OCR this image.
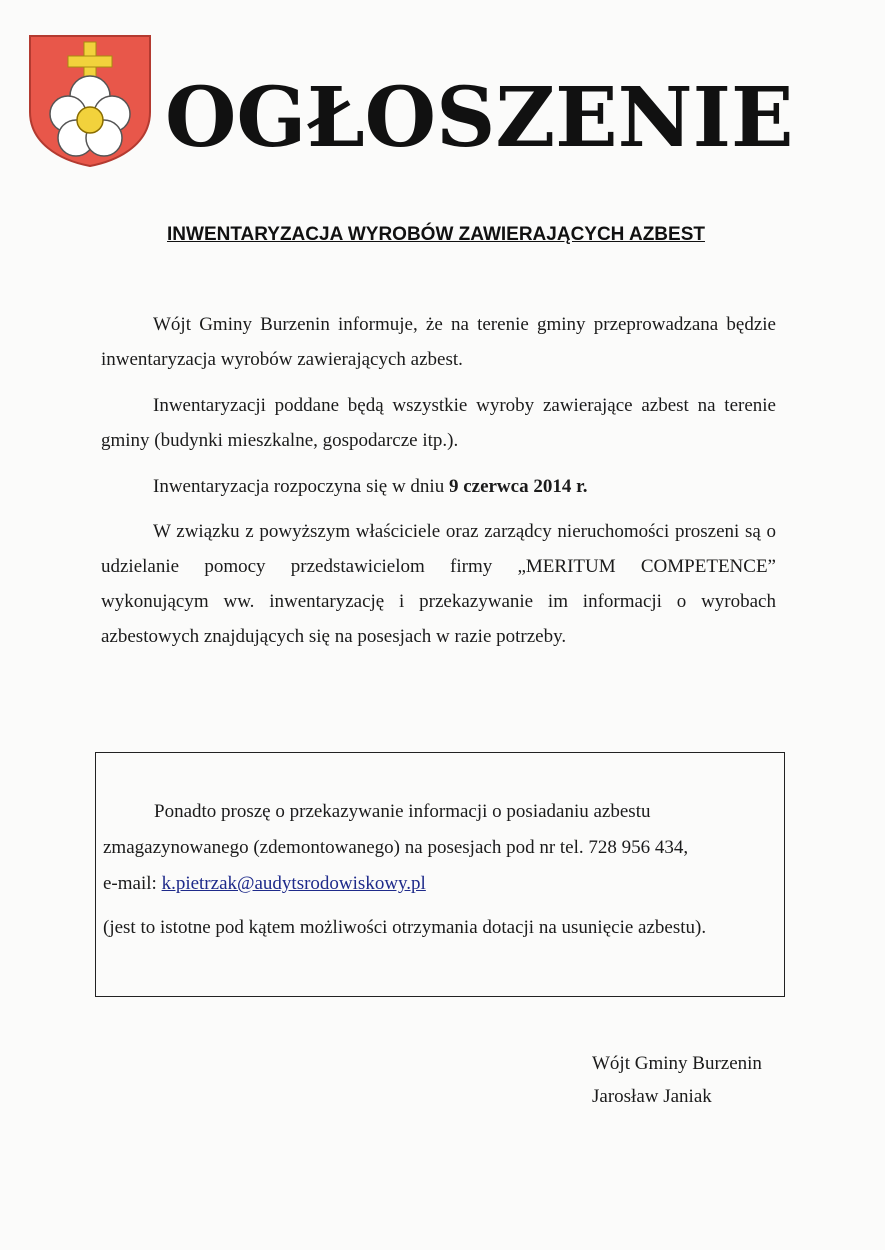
OGŁOSZENIE
INWENTARYZACJA WYROBÓW ZAWIERAJĄCYCH AZBEST

Wójt Gminy Burzenin informuje, że na terenie gminy przeprowadzana będzie inwentaryzacja wyrobów zawierających azbest.

Inwentaryzacji poddane będą wszystkie wyroby zawierające azbest na terenie gminy (budynki mieszkalne, gospodarcze itp.).

Inwentaryzacja rozpoczyna się w dniu 9 czerwca 2014 r.

W związku z powyższym właściciele oraz zarządcy nieruchomości proszeni są o udzielanie pomocy przedstawicielom firmy „MERITUM COMPETENCE” wykonującym ww. inwentaryzację i przekazywanie im informacji o wyrobach azbestowych znajdujących się na posesjach w razie potrzeby.

Ponadto proszę o przekazywanie informacji o posiadaniu azbestu

zmagazynowanego (zdemontowanego) na posesjach pod nr tel. 728 956 434,

e-mail: k.pietrzak@audytsrodowiskowy.pl

(jest to istotne pod kątem możliwości otrzymania dotacji na usunięcie azbestu).

Wójt Gminy Burzenin

Jarosław Janiak
